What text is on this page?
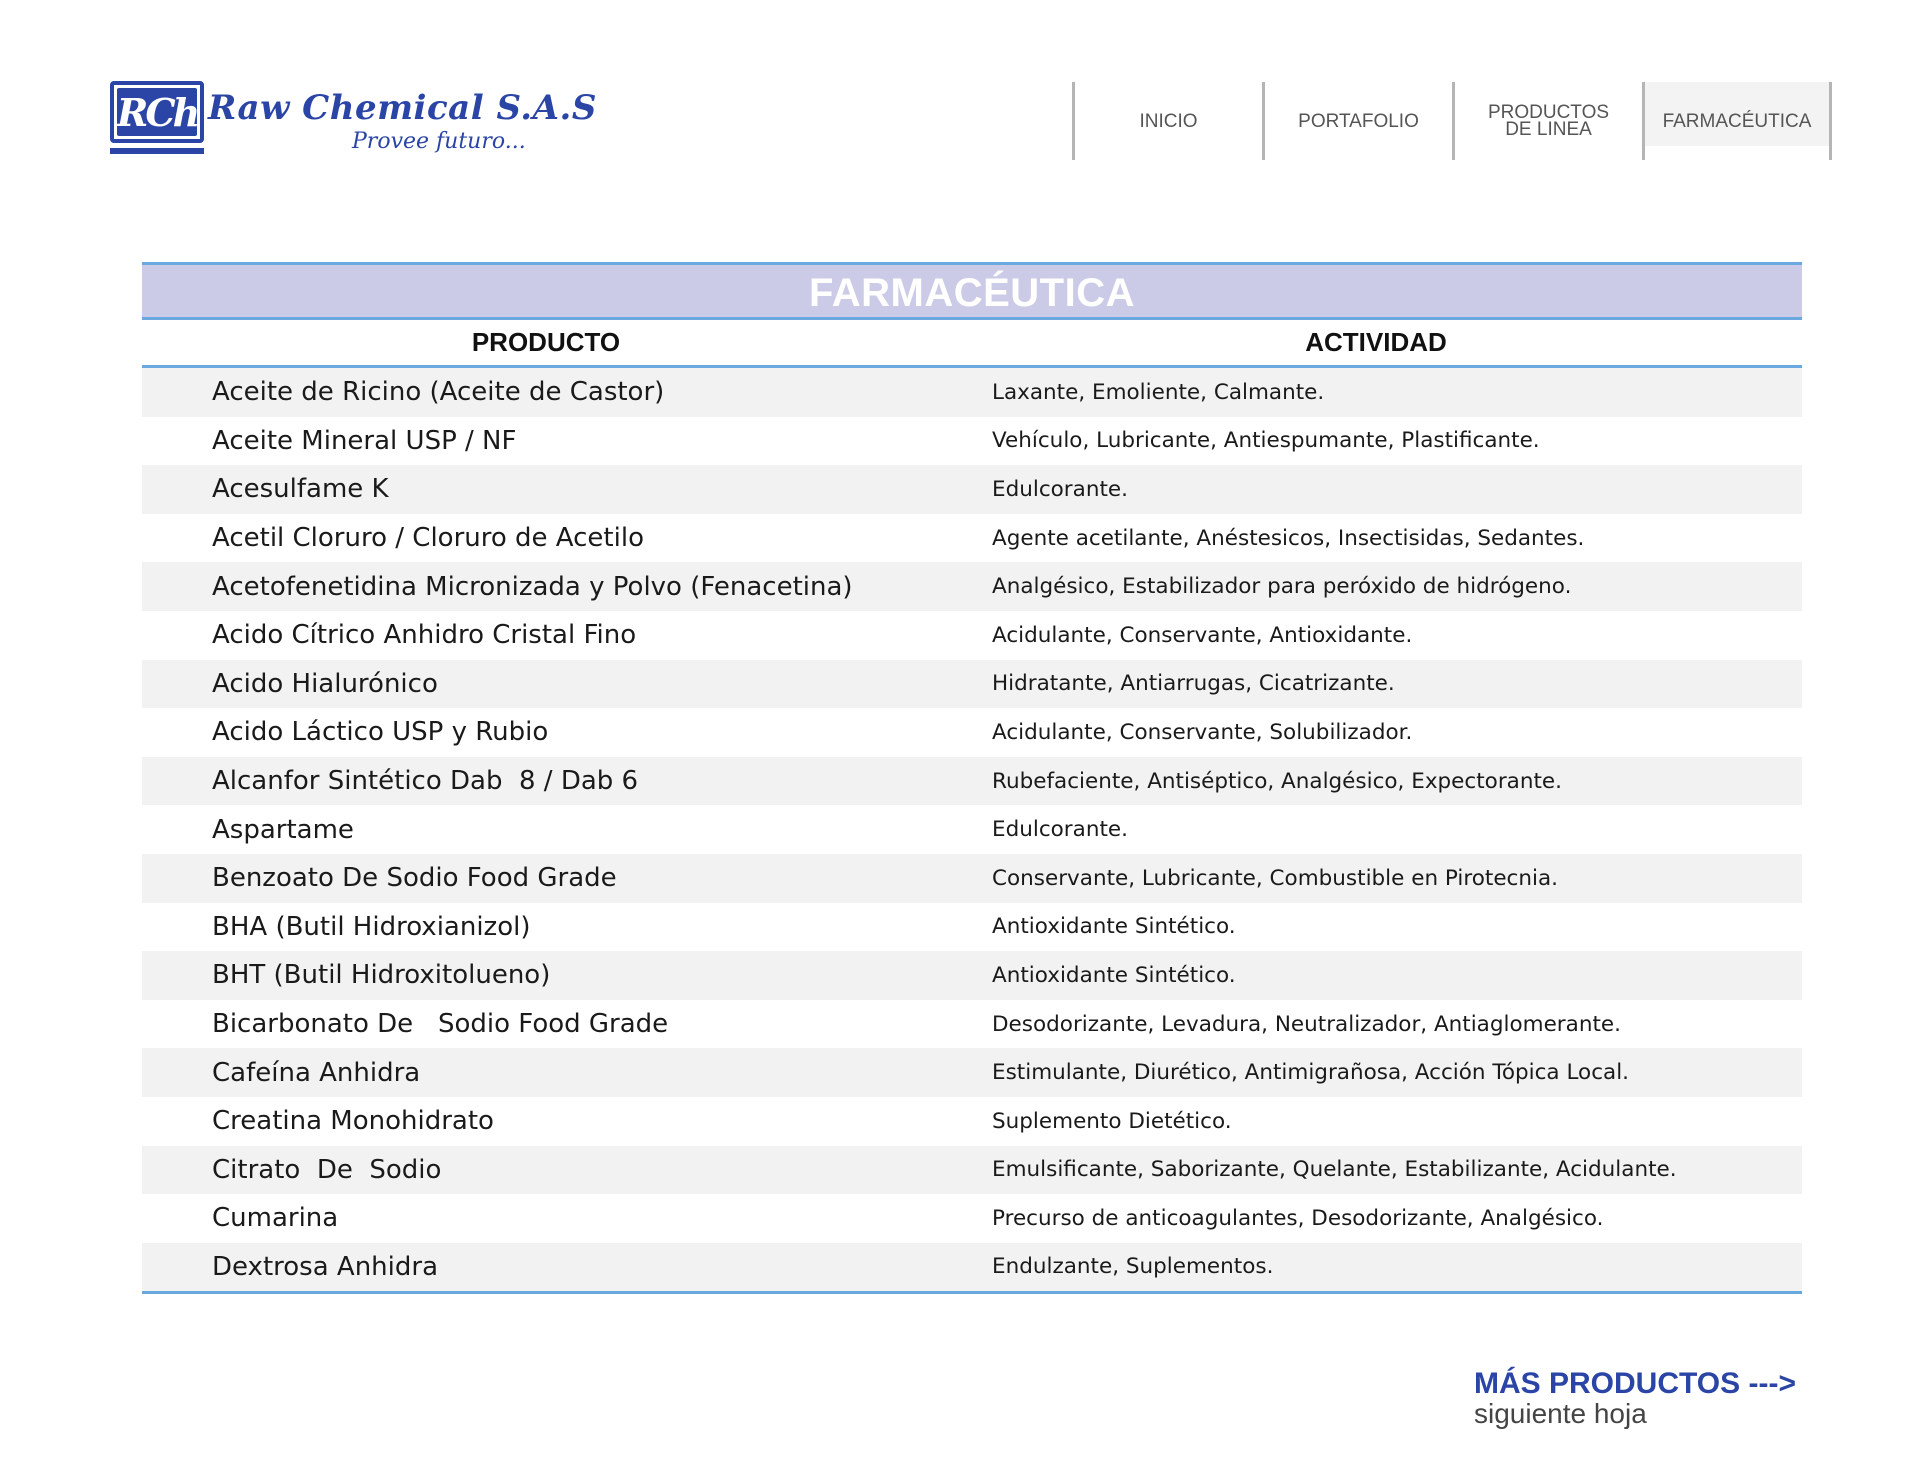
RCh Raw Chemical S.A.S
Provee futuro...
INICIO	PORTAFOLIO	PRODUCTOS DE LINEA	FARMACÉUTICA
FARMACÉUTICA
PRODUCTO	ACTIVIDAD
Aceite de Ricino (Aceite de Castor)	Laxante, Emoliente, Calmante.
Aceite Mineral USP / NF	Vehículo, Lubricante, Antiespumante, Plastificante.
Acesulfame K	Edulcorante.
Acetil Cloruro / Cloruro de Acetilo	Agente acetilante, Anéstesicos, Insectisidas, Sedantes.
Acetofenetidina Micronizada y Polvo (Fenacetina)	Analgésico, Estabilizador para peróxido de hidrógeno.
Acido Cítrico Anhidro Cristal Fino	Acidulante, Conservante, Antioxidante.
Acido Hialurónico	Hidratante, Antiarrugas, Cicatrizante.
Acido Láctico USP y Rubio	Acidulante, Conservante, Solubilizador.
Alcanfor Sintético Dab  8 / Dab 6	Rubefaciente, Antiséptico, Analgésico, Expectorante.
Aspartame	Edulcorante.
Benzoato De Sodio Food Grade	Conservante, Lubricante, Combustible en Pirotecnia.
BHA (Butil Hidroxianizol)	Antioxidante Sintético.
BHT (Butil Hidroxitolueno)	Antioxidante Sintético.
Bicarbonato De   Sodio Food Grade	Desodorizante, Levadura, Neutralizador, Antiaglomerante.
Cafeína Anhidra	Estimulante, Diurético, Antimigrañosa, Acción Tópica Local.
Creatina Monohidrato	Suplemento Dietético.
Citrato  De  Sodio	Emulsificante, Saborizante, Quelante, Estabilizante, Acidulante.
Cumarina	Precurso de anticoagulantes, Desodorizante, Analgésico.
Dextrosa Anhidra	Endulzante, Suplementos.
MÁS PRODUCTOS --->
siguiente hoja
